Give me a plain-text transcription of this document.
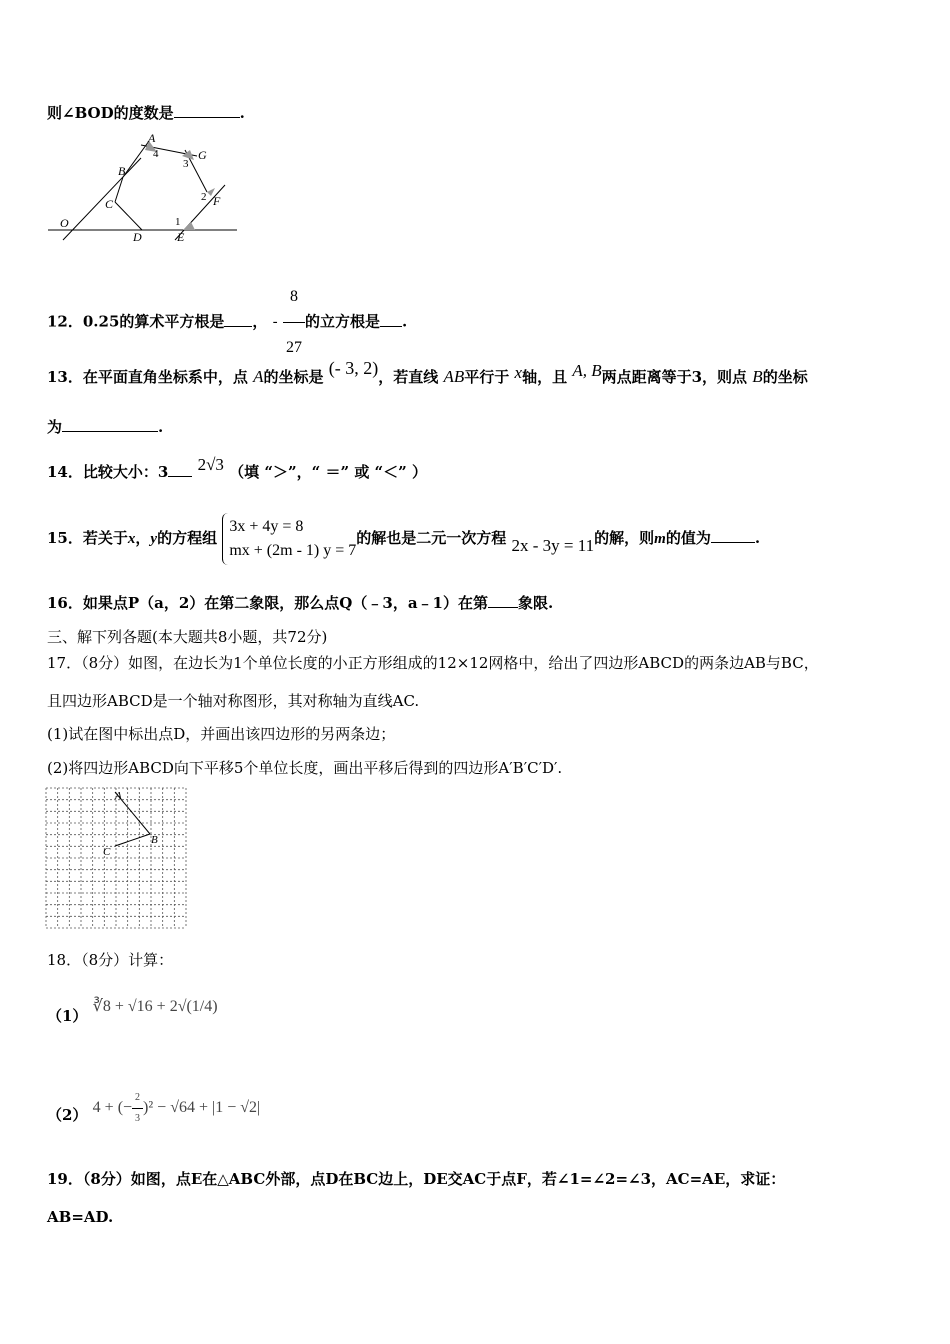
则∠BOD的度数是	.
A
G
B
4
3
C	2 F
O
D
1
E
12．0.25的算术平方根是 ， - $\frac{8}{27}$ 的立方根是 .
13．在平面直角坐标系中，点 A的坐标是 (- 3, 2)，若直线 AB平行于 x轴，且 A, B两点距离等于3，则点 B的坐标
为	.
14．比较大小：3 2√3 （填 “＞”，“ ＝” 或 “＜” ）
15．若关于x，y的方程组
3x + 4y = 8
mx + (2m - 1) y = 7
的解也是二元一次方程 2x - 3y = 11的解，则m的值为	.
16．如果点P（a，2）在第二象限，那么点Q（﹣3，a﹣1）在第 象限.
三、解下列各题(本大题共8小题，共72分)
17．（8分）如图，在边长为1个单位长度的小正方形组成的12×12网格中，给出了四边形ABCD的两条边AB与BC，
且四边形ABCD是一个轴对称图形，其对称轴为直线AC.
(1)试在图中标出点D，并画出该四边形的另两条边；
(2)将四边形ABCD向下平移5个单位长度，画出平移后得到的四边形A′B′C′D′.
A
B
C
18．（8分）计算：
（1） ∛8 + √16 + 2√(1/4)
（2） 4 + (− $\frac{2}{3} )^2 - √64 + |1 - √2|$
19．（8分）如图，点E在△ABC外部，点D在BC边上，DE交AC于点F，若∠1=∠2=∠3，AC=AE，求证：
AB=AD.
